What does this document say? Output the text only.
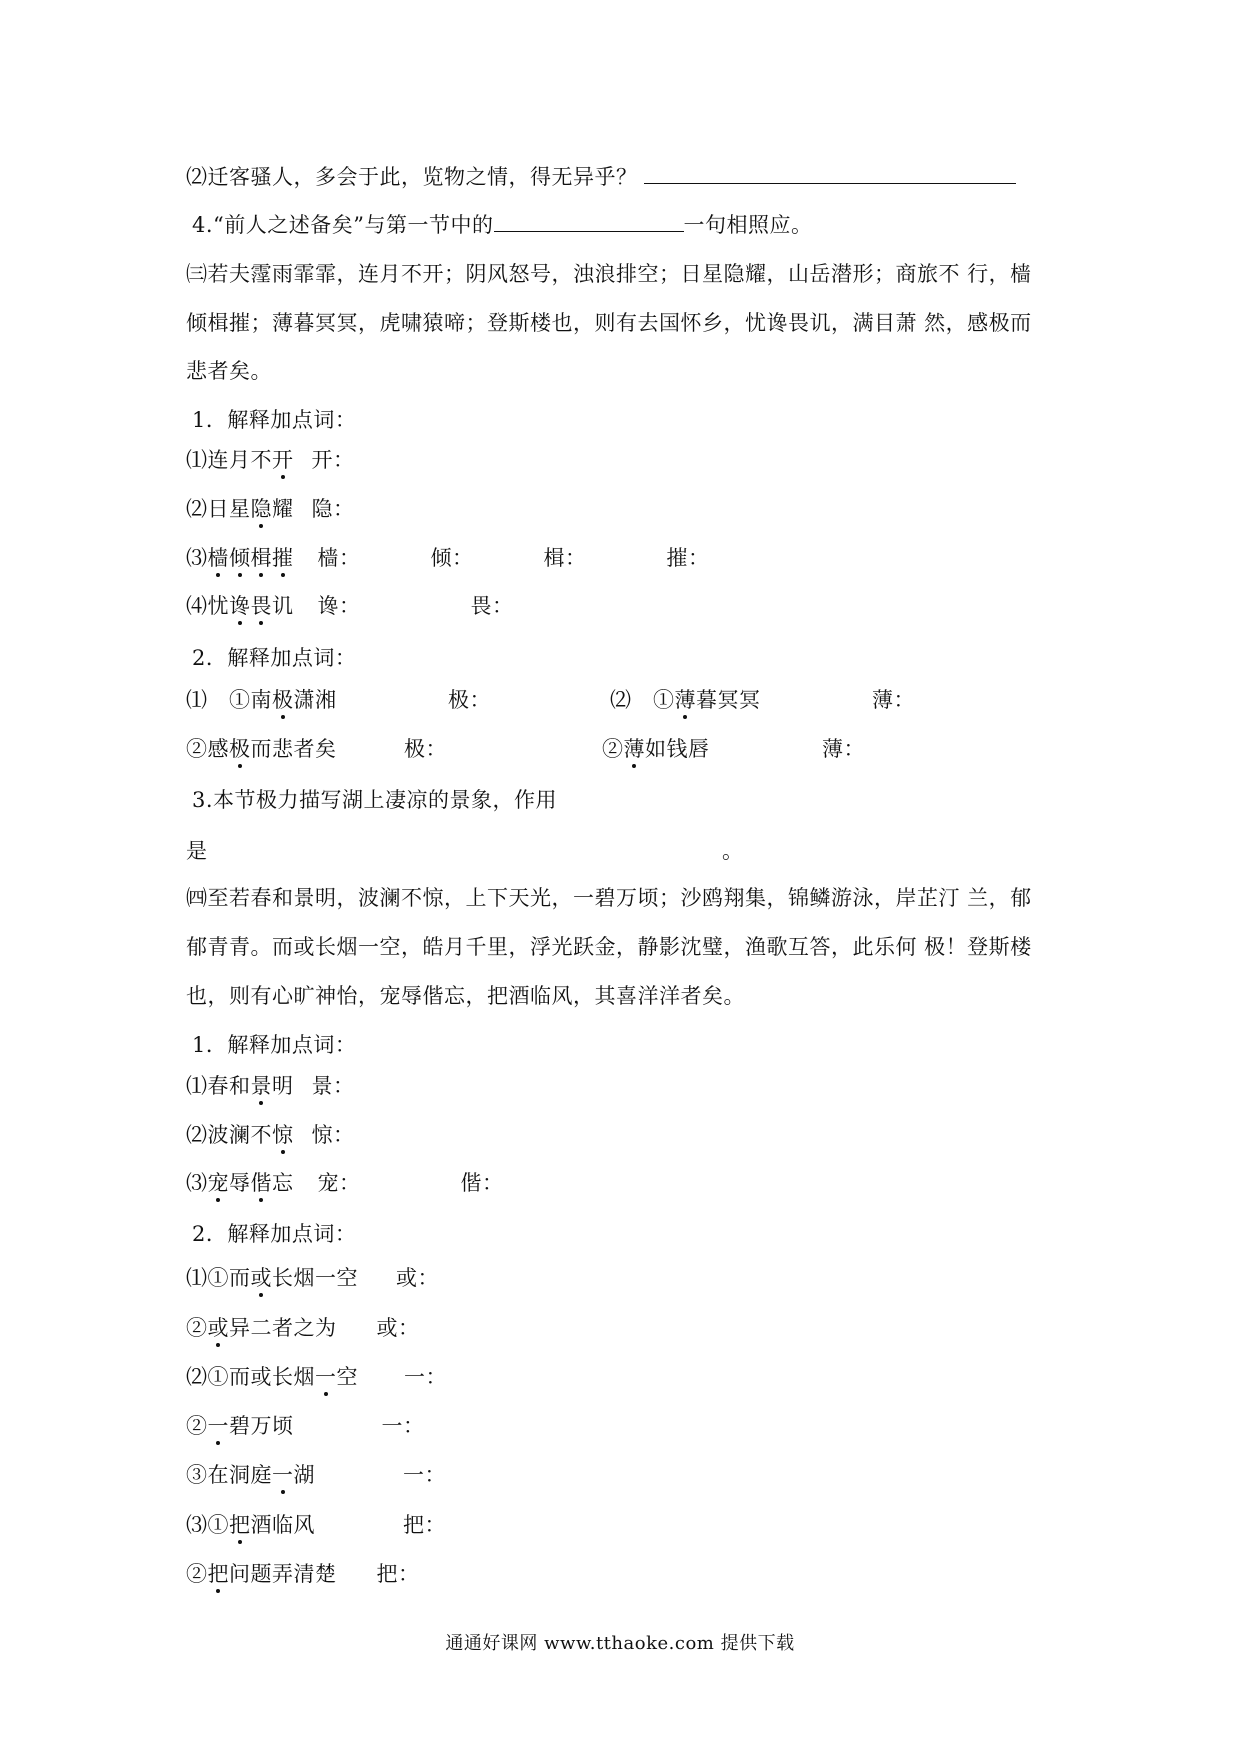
⑵迁客骚人，多会于此，览物之情，得无异乎？
4.“前人之述备矣”与第一节中的	一句相照应。
㈢若夫霪雨霏霏，连月不开；阴风怒号，浊浪排空；日星隐耀，山岳潜形；商旅不 行，樯
倾楫摧；薄暮冥冥，虎啸猿啼；登斯楼也，则有去国怀乡，忧谗畏讥，满目萧 然，感极而
悲者矣。
1．解释加点词：
⑴连月不开 开：
⑵日星隐耀 隐：
⑶樯倾楫摧 樯：	倾：	楫：	摧：
⑷忧谗畏讥 谗：	畏：
2．解释加点词：
⑴　①南极潇湘	极：	⑵　①薄暮冥冥	薄：
②感极而悲者矣	极：	②薄如钱唇	薄：
3.本节极力描写湖上凄凉的景象，作用
是	。
㈣至若春和景明，波澜不惊，上下天光，一碧万顷；沙鸥翔集，锦鳞游泳，岸芷汀 兰，郁
郁青青。而或长烟一空，皓月千里，浮光跃金，静影沈璧，渔歌互答，此乐何 极！登斯楼
也，则有心旷神怡，宠辱偕忘，把酒临风，其喜洋洋者矣。
1．解释加点词：
⑴春和景明 景：
⑵波澜不惊 惊：
⑶宠辱偕忘 宠：	偕：
2．解释加点词：
⑴①而或长烟一空 或：
②或异二者之为 或：
⑵①而或长烟一空 一：
②一碧万顷	一：
③在洞庭一湖	一：
⑶①把酒临风	把：
②把问题弄清楚 把：
通通好课网 www.tthaoke.com 提供下载
